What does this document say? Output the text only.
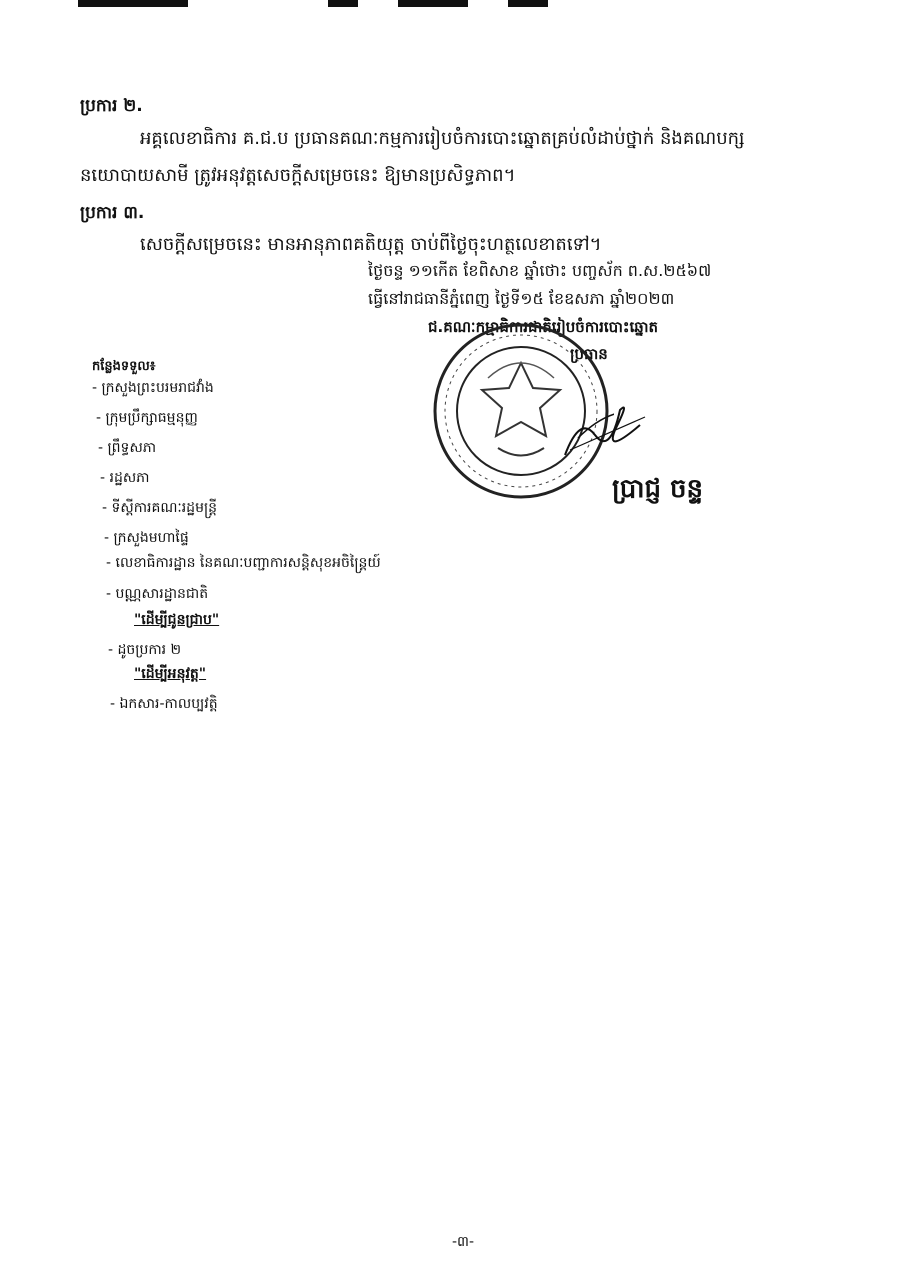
ប្រការ ២.
អគ្គលេខាធិការ គ.ជ.ប ប្រធានគណៈកម្មការរៀបចំការបោះឆ្នោតគ្រប់លំដាប់ថ្នាក់ និងគណបក្ស
នយោបាយសាមី ត្រូវអនុវត្តសេចក្តីសម្រេចនេះ ឱ្យមានប្រសិទ្ធភាព។
ប្រការ ៣.
សេចក្តីសម្រេចនេះ មានអានុភាពគតិយុត្ត ចាប់ពីថ្ងៃចុះហត្ថលេខាតទៅ។
ថ្ងៃចន្ទ ១១កើត ខែពិសាខ ឆ្នាំថោះ បញ្ចស័ក ព.ស.២៥៦៧
ធ្វើនៅរាជធានីភ្នំពេញ ថ្ងៃទី១៥ ខែឧសភា ឆ្នាំ២០២៣
ជ.គណៈកម្មាធិការជាតិរៀបចំការបោះឆ្នោត
ប្រធាន
ប្រាជ្ញ ចន្ទ
កន្លែងទទួល៖
- ក្រសួងព្រះបរមរាជវាំង
- ក្រុមប្រឹក្សាធម្មនុញ្ញ
- ព្រឹទ្ធសភា
- រដ្ឋសភា
- ទីស្តីការគណៈរដ្ឋមន្ត្រី
- ក្រសួងមហាផ្ទៃ
- លេខាធិការដ្ឋាន នៃគណៈបញ្ជាការសន្តិសុខអចិន្ត្រៃយ៍
- បណ្ណសារដ្ឋានជាតិ
"ដើម្បីជូនជ្រាប"
- ដូចប្រការ ២
"ដើម្បីអនុវត្ត"
- ឯកសារ-កាលប្បវត្តិ
-៣-
